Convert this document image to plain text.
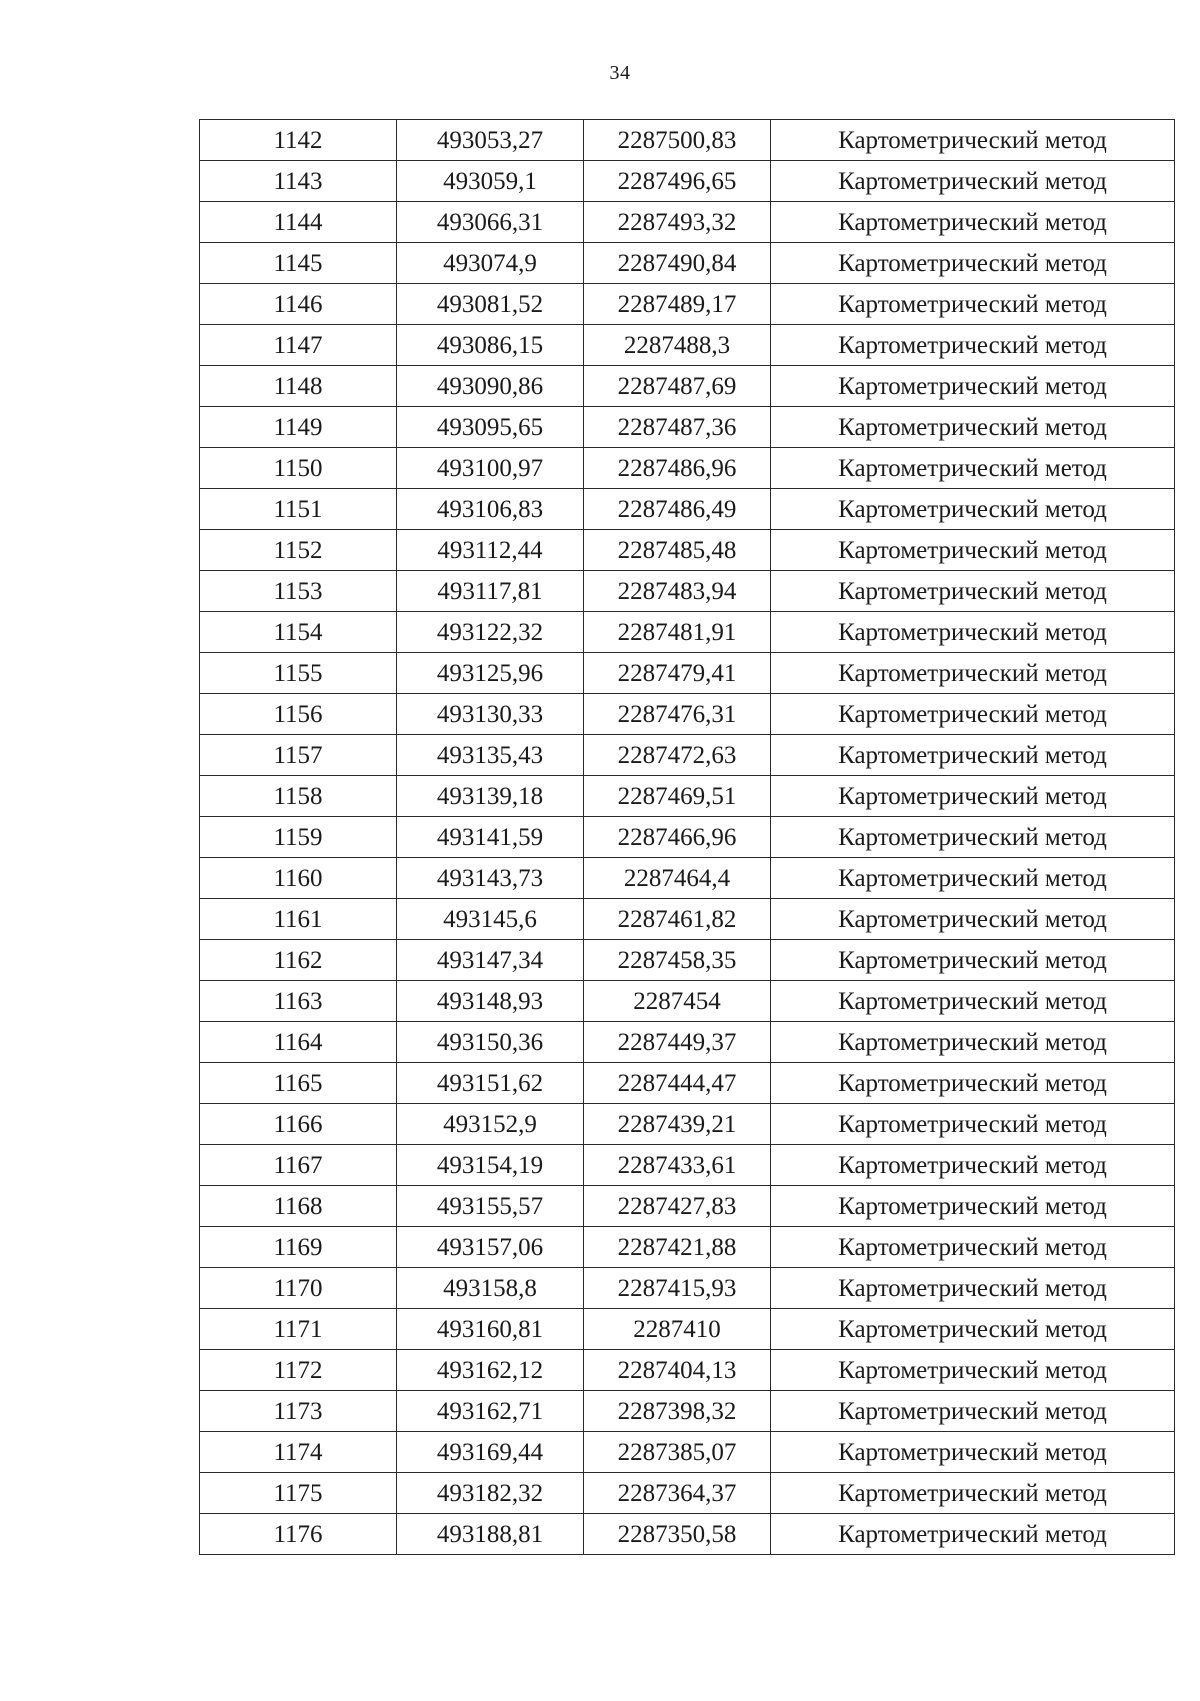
34
1142	493053,27	2287500,83	Картометрический метод
1143	493059,1	2287496,65	Картометрический метод
1144	493066,31	2287493,32	Картометрический метод
1145	493074,9	2287490,84	Картометрический метод
1146	493081,52	2287489,17	Картометрический метод
1147	493086,15	2287488,3	Картометрический метод
1148	493090,86	2287487,69	Картометрический метод
1149	493095,65	2287487,36	Картометрический метод
1150	493100,97	2287486,96	Картометрический метод
1151	493106,83	2287486,49	Картометрический метод
1152	493112,44	2287485,48	Картометрический метод
1153	493117,81	2287483,94	Картометрический метод
1154	493122,32	2287481,91	Картометрический метод
1155	493125,96	2287479,41	Картометрический метод
1156	493130,33	2287476,31	Картометрический метод
1157	493135,43	2287472,63	Картометрический метод
1158	493139,18	2287469,51	Картометрический метод
1159	493141,59	2287466,96	Картометрический метод
1160	493143,73	2287464,4	Картометрический метод
1161	493145,6	2287461,82	Картометрический метод
1162	493147,34	2287458,35	Картометрический метод
1163	493148,93	2287454	Картометрический метод
1164	493150,36	2287449,37	Картометрический метод
1165	493151,62	2287444,47	Картометрический метод
1166	493152,9	2287439,21	Картометрический метод
1167	493154,19	2287433,61	Картометрический метод
1168	493155,57	2287427,83	Картометрический метод
1169	493157,06	2287421,88	Картометрический метод
1170	493158,8	2287415,93	Картометрический метод
1171	493160,81	2287410	Картометрический метод
1172	493162,12	2287404,13	Картометрический метод
1173	493162,71	2287398,32	Картометрический метод
1174	493169,44	2287385,07	Картометрический метод
1175	493182,32	2287364,37	Картометрический метод
1176	493188,81	2287350,58	Картометрический метод
